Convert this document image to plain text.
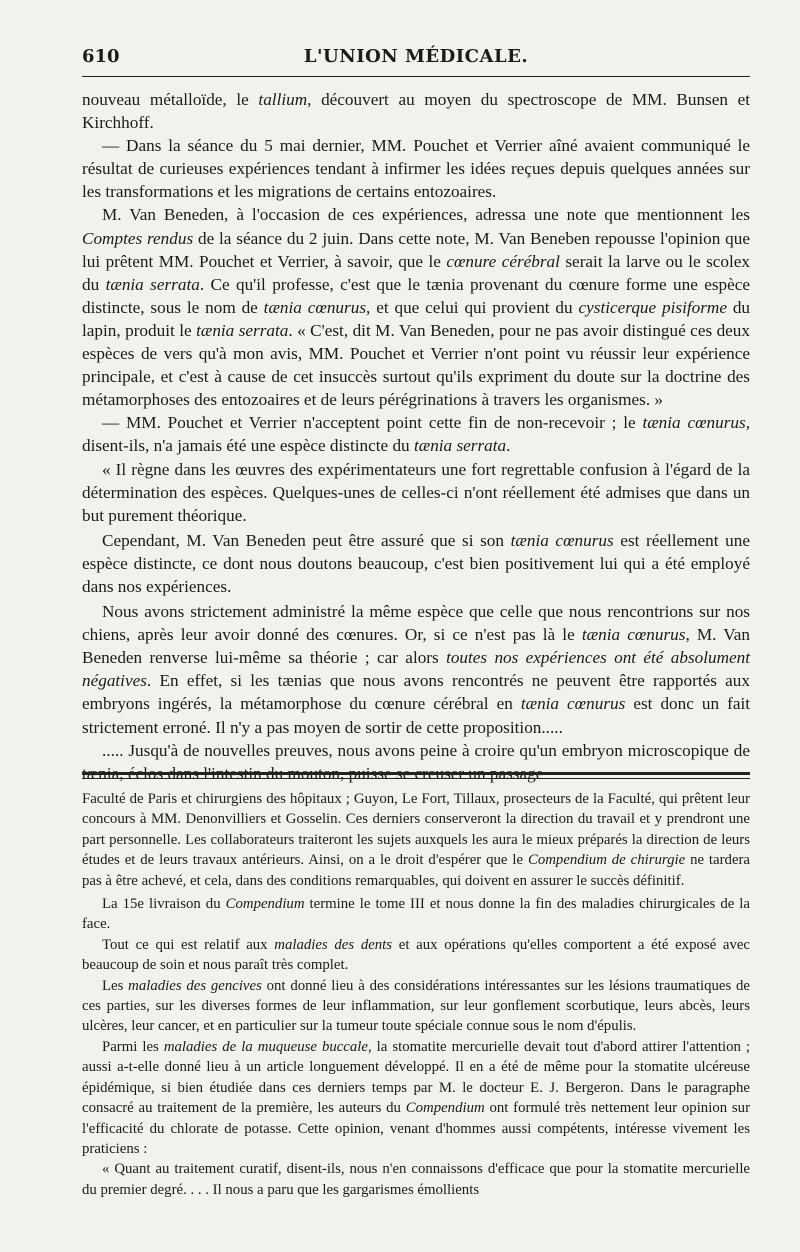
610	L'UNION MÉDICALE.

nouveau métalloïde, le tallium, découvert au moyen du spectroscope de MM. Bunsen et Kirchhoff.

— Dans la séance du 5 mai dernier, MM. Pouchet et Verrier aîné avaient communiqué le résultat de curieuses expériences tendant à infirmer les idées reçues depuis quelques années sur les transformations et les migrations de certains entozoaires.

M. Van Beneden, à l'occasion de ces expériences, adressa une note que mentionnent les Comptes rendus de la séance du 2 juin. Dans cette note, M. Van Beneben repousse l'opinion que lui prêtent MM. Pouchet et Verrier, à savoir, que le cœnure cérébral serait la larve ou le scolex du tænia serrata. Ce qu'il professe, c'est que le tænia provenant du cœnure forme une espèce distincte, sous le nom de tænia cœnurus, et que celui qui provient du cysticerque pisiforme du lapin, produit le tænia serrata. « C'est, dit M. Van Beneden, pour ne pas avoir distingué ces deux espèces de vers qu'à mon avis, MM. Pouchet et Verrier n'ont point vu réussir leur expérience principale, et c'est à cause de cet insuccès surtout qu'ils expriment du doute sur la doctrine des métamorphoses des entozoaires et de leurs pérégrinations à travers les organismes. »

— MM. Pouchet et Verrier n'acceptent point cette fin de non-recevoir ; le tænia cœnurus, disent-ils, n'a jamais été une espèce distincte du tænia serrata.

« Il règne dans les œuvres des expérimentateurs une fort regrettable confusion à l'égard de la détermination des espèces. Quelques-unes de celles-ci n'ont réellement été admises que dans un but purement théorique.

Cependant, M. Van Beneden peut être assuré que si son tænia cœnurus est réellement une espèce distincte, ce dont nous doutons beaucoup, c'est bien positivement lui qui a été employé dans nos expériences.

Nous avons strictement administré la même espèce que celle que nous rencontrions sur nos chiens, après leur avoir donné des cœnures. Or, si ce n'est pas là le tænia cœnurus, M. Van Beneden renverse lui-même sa théorie ; car alors toutes nos expériences ont été absolument négatives. En effet, si les tænias que nous avons rencontrés ne peuvent être rapportés aux embryons ingérés, la métamorphose du cœnure cérébral en tænia cœnurus est donc un fait strictement erroné. Il n'y a pas moyen de sortir de cette proposition.....

..... Jusqu'à de nouvelles preuves, nous avons peine à croire qu'un embryon microscopique de tænia, éclos dans l'intestin du mouton, puisse se creuser un passage

Faculté de Paris et chirurgiens des hôpitaux ; Guyon, Le Fort, Tillaux, prosecteurs de la Faculté, qui prêtent leur concours à MM. Denonvilliers et Gosselin. Ces derniers conserveront la direction du travail et y prendront une part personnelle. Les collaborateurs traiteront les sujets auxquels les aura le mieux préparés la direction de leurs études et de leurs travaux antérieurs. Ainsi, on a le droit d'espérer que le Compendium de chirurgie ne tardera pas à être achevé, et cela, dans des conditions remarquables, qui doivent en assurer le succès définitif.

La 15e livraison du Compendium termine le tome III et nous donne la fin des maladies chirurgicales de la face.

Tout ce qui est relatif aux maladies des dents et aux opérations qu'elles comportent a été exposé avec beaucoup de soin et nous paraît très complet.

Les maladies des gencives ont donné lieu à des considérations intéressantes sur les lésions traumatiques de ces parties, sur les diverses formes de leur inflammation, sur leur gonflement scorbutique, leurs abcès, leurs ulcères, leur cancer, et en particulier sur la tumeur toute spéciale connue sous le nom d'épulis.

Parmi les maladies de la muqueuse buccale, la stomatite mercurielle devait tout d'abord attirer l'attention ; aussi a-t-elle donné lieu à un article longuement développé. Il en a été de même pour la stomatite ulcéreuse épidémique, si bien étudiée dans ces derniers temps par M. le docteur E. J. Bergeron. Dans le paragraphe consacré au traitement de la première, les auteurs du Compendium ont formulé très nettement leur opinion sur l'efficacité du chlorate de potasse. Cette opinion, venant d'hommes aussi compétents, intéresse vivement les praticiens :

« Quant au traitement curatif, disent-ils, nous n'en connaissons d'efficace que pour la stomatite mercurielle du premier degré. . . . Il nous a paru que les gargarismes émollients
